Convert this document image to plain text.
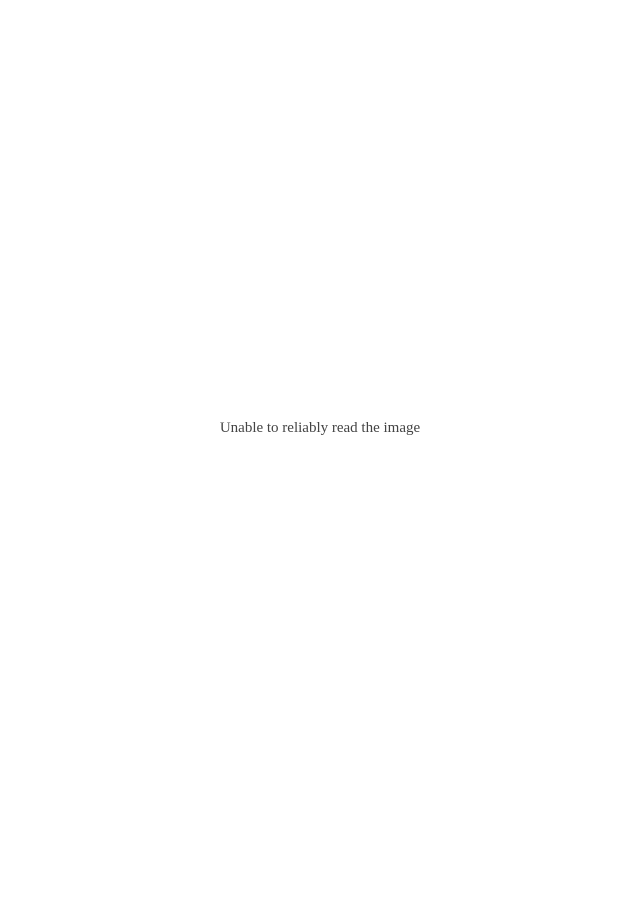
Unable to reliably read the image
